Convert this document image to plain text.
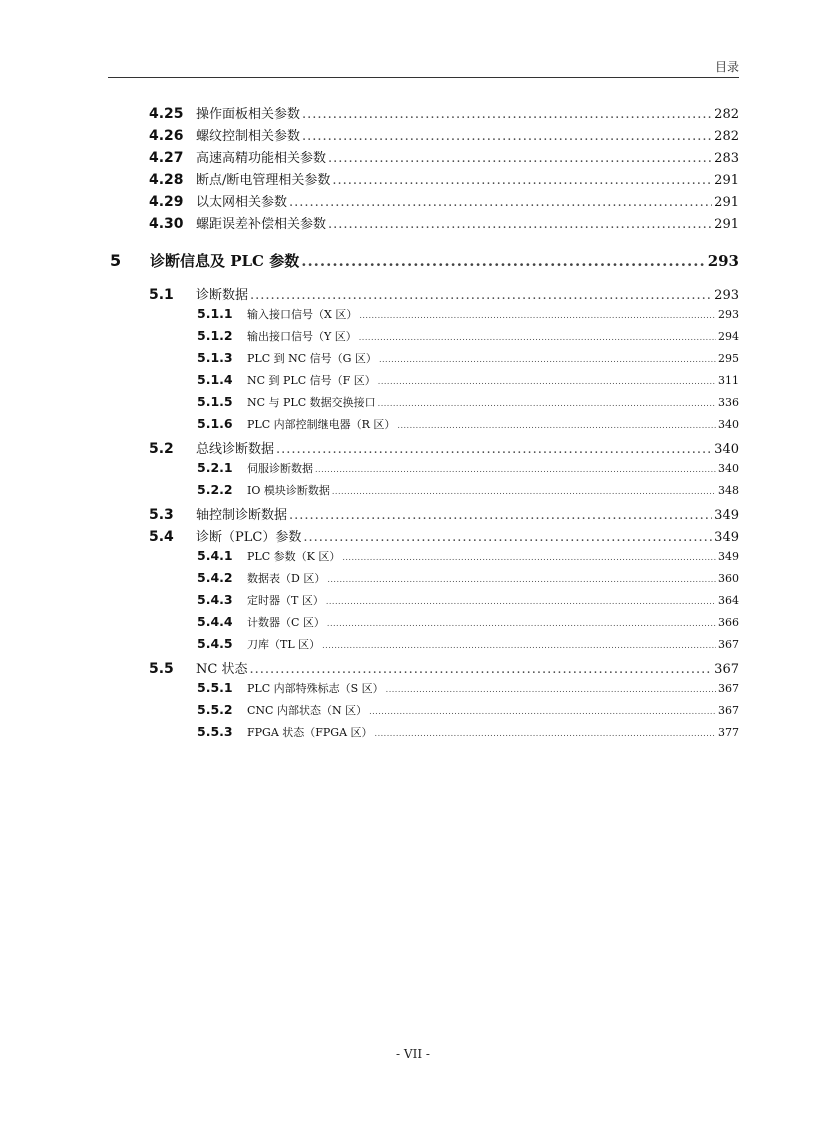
目录
4.25 操作面板相关参数 .....	282
4.26 螺纹控制相关参数 .....	282
4.27 高速高精功能相关参数 .....	283
4.28 断点/断电管理相关参数 .....	291
4.29 以太网相关参数 .....	291
4.30 螺距误差补偿相关参数 .....	291
5	诊断信息及 PLC 参数 .....	293
5.1	诊断数据 .....	293
5.1.1	输入接口信号（X 区） .....	293
5.1.2	输出接口信号（Y 区） .....	294
5.1.3	PLC 到 NC 信号（G 区） .....	295
5.1.4	NC 到 PLC 信号（F 区） .....	311
5.1.5	NC 与 PLC 数据交换接口 .....	336
5.1.6	PLC 内部控制继电器（R 区） .....	340
5.2	总线诊断数据 .....	340
5.2.1	伺服诊断数据 .....	340
5.2.2	IO 模块诊断数据 .....	348
5.3	轴控制诊断数据 .....	349
5.4	诊断（PLC）参数 .....	349
5.4.1	PLC 参数（K 区） .....	349
5.4.2	数据表（D 区） .....	360
5.4.3	定时器（T 区） .....	364
5.4.4	计数器（C 区） .....	366
5.4.5	刀库（TL 区） .....	367
5.5	NC 状态 .....	367
5.5.1	PLC 内部特殊标志（S 区） .....	367
5.5.2	CNC 内部状态（N 区） .....	367
5.5.3	FPGA 状态（FPGA 区） .....	377
- VII -
